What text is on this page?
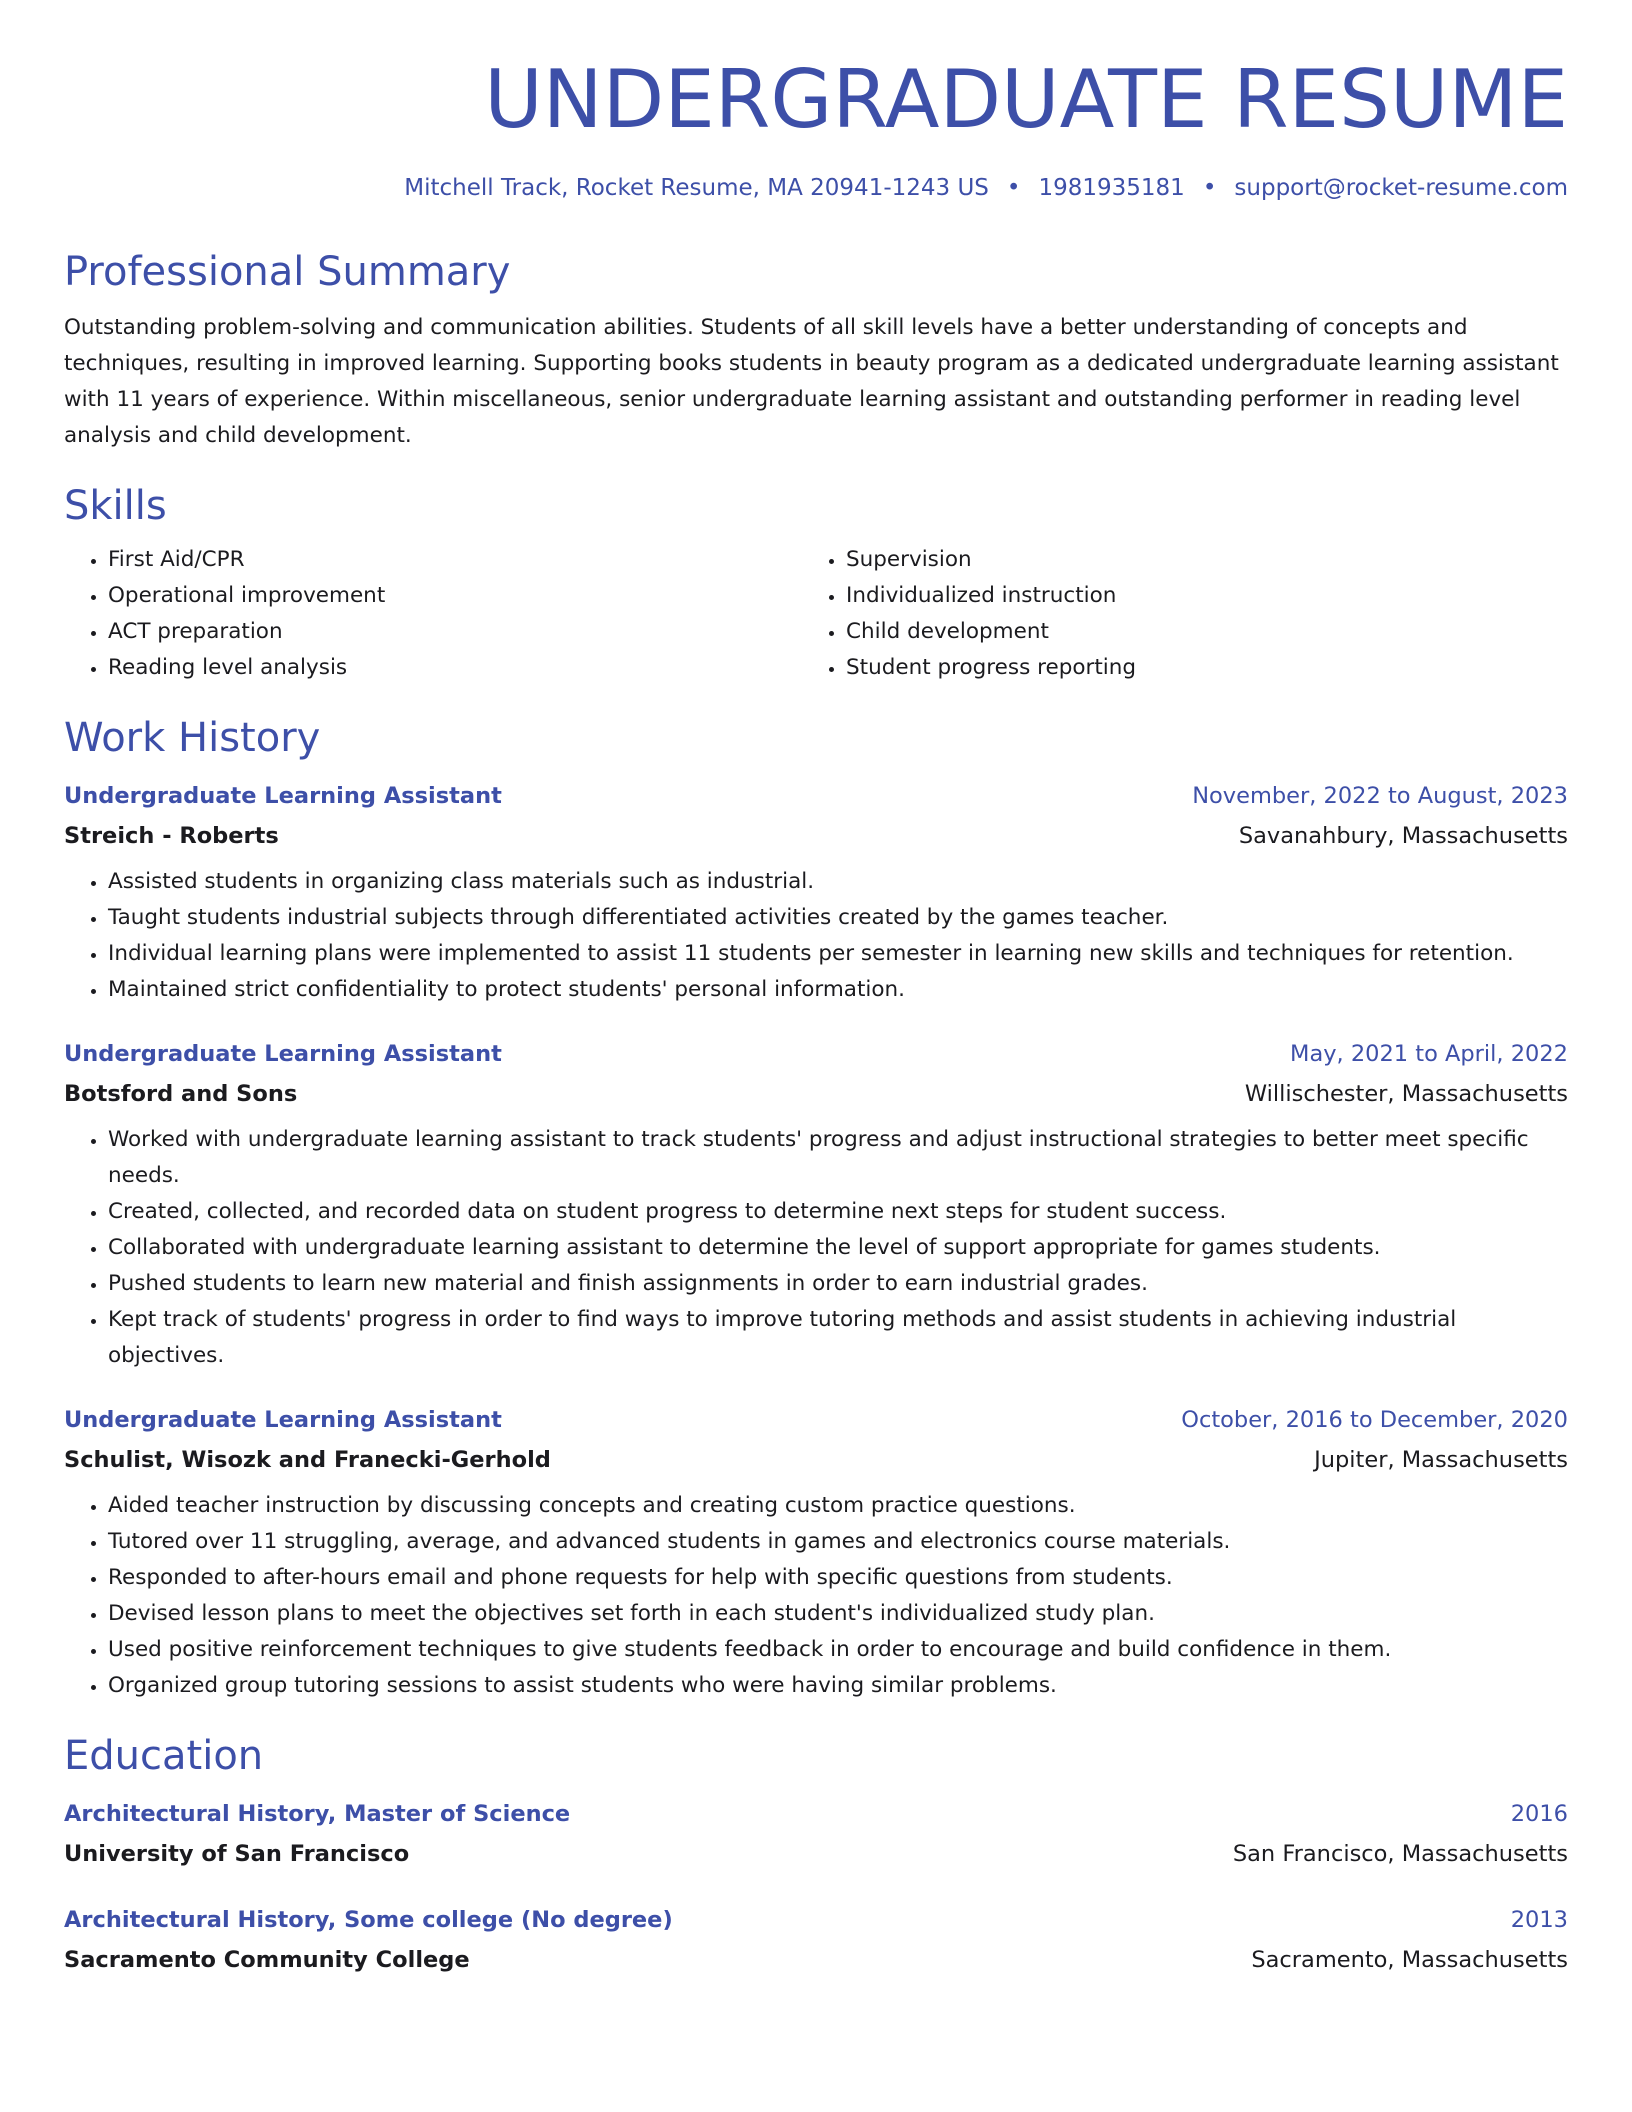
UNDERGRADUATE RESUME
Mitchell Track, Rocket Resume, MA 20941-1243 US • 1981935181 • support@rocket-resume.com
Professional Summary

Outstanding problem-solving and communication abilities. Students of all skill levels have a better understanding of concepts and techniques, resulting in improved learning. Supporting books students in beauty program as a dedicated undergraduate learning assistant with 11 years of experience. Within miscellaneous, senior undergraduate learning assistant and outstanding performer in reading level analysis and child development.

Skills
• First Aid/CPR
• Operational improvement
• ACT preparation
• Reading level analysis
• Supervision
• Individualized instruction
• Child development
• Student progress reporting
Work History
Undergraduate Learning Assistant	November, 2022 to August, 2023
Streich - Roberts	Savanahbury, Massachusetts
• Assisted students in organizing class materials such as industrial.
• Taught students industrial subjects through differentiated activities created by the games teacher.
• Individual learning plans were implemented to assist 11 students per semester in learning new skills and techniques for retention.
• Maintained strict confidentiality to protect students' personal information.
Undergraduate Learning Assistant	May, 2021 to April, 2022
Botsford and Sons	Willischester, Massachusetts
• Worked with undergraduate learning assistant to track students' progress and adjust instructional strategies to better meet specific needs.
• Created, collected, and recorded data on student progress to determine next steps for student success.
• Collaborated with undergraduate learning assistant to determine the level of support appropriate for games students.
• Pushed students to learn new material and finish assignments in order to earn industrial grades.
• Kept track of students' progress in order to find ways to improve tutoring methods and assist students in achieving industrial objectives.
Undergraduate Learning Assistant	October, 2016 to December, 2020
Schulist, Wisozk and Franecki-Gerhold	Jupiter, Massachusetts
• Aided teacher instruction by discussing concepts and creating custom practice questions.
• Tutored over 11 struggling, average, and advanced students in games and electronics course materials.
• Responded to after-hours email and phone requests for help with specific questions from students.
• Devised lesson plans to meet the objectives set forth in each student's individualized study plan.
• Used positive reinforcement techniques to give students feedback in order to encourage and build confidence in them.
• Organized group tutoring sessions to assist students who were having similar problems.
Education
Architectural History, Master of Science	2016
University of San Francisco	San Francisco, Massachusetts
Architectural History, Some college (No degree)	2013
Sacramento Community College	Sacramento, Massachusetts
